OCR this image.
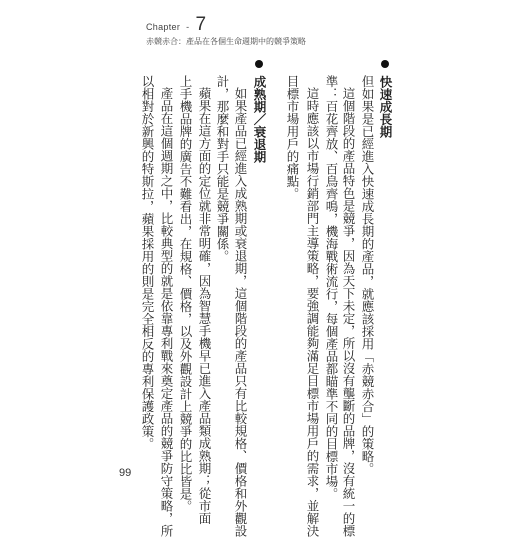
Chapter - 7
赤競赤合：產品在各個生命週期中的競爭策略
快速成長期
但如果是已經進入快速成長期的產品，就應該採用「赤競赤合」的策略。
這個階段的產品特色是競爭，因為天下未定，所以沒有壟斷的品牌，沒有統一的標
準：百花齊放、百鳥齊鳴，機海戰術流行，每個產品都瞄準不同的目標市場。
這時應該以市場行銷部門主導策略，要強調能夠滿足目標市場用戶的需求，並解決
目標市場用戶的痛點。
成熟期／衰退期
如果產品已經進入成熟期或衰退期，這個階段的產品只有比較規格、價格和外觀設
計，那麼和對手只能是競爭關係。
蘋果在這方面的定位就非常明確，因為智慧手機早已進入產品類成熟期；從市面
上手機品牌的廣告不難看出，在規格、價格，以及外觀設計上競爭的比比皆是。
產品在這個週期之中，比較典型的就是依靠專利戰來奠定產品的競爭防守策略，所
以相對於新興的特斯拉，蘋果採用的則是完全相反的專利保護政策。
99
